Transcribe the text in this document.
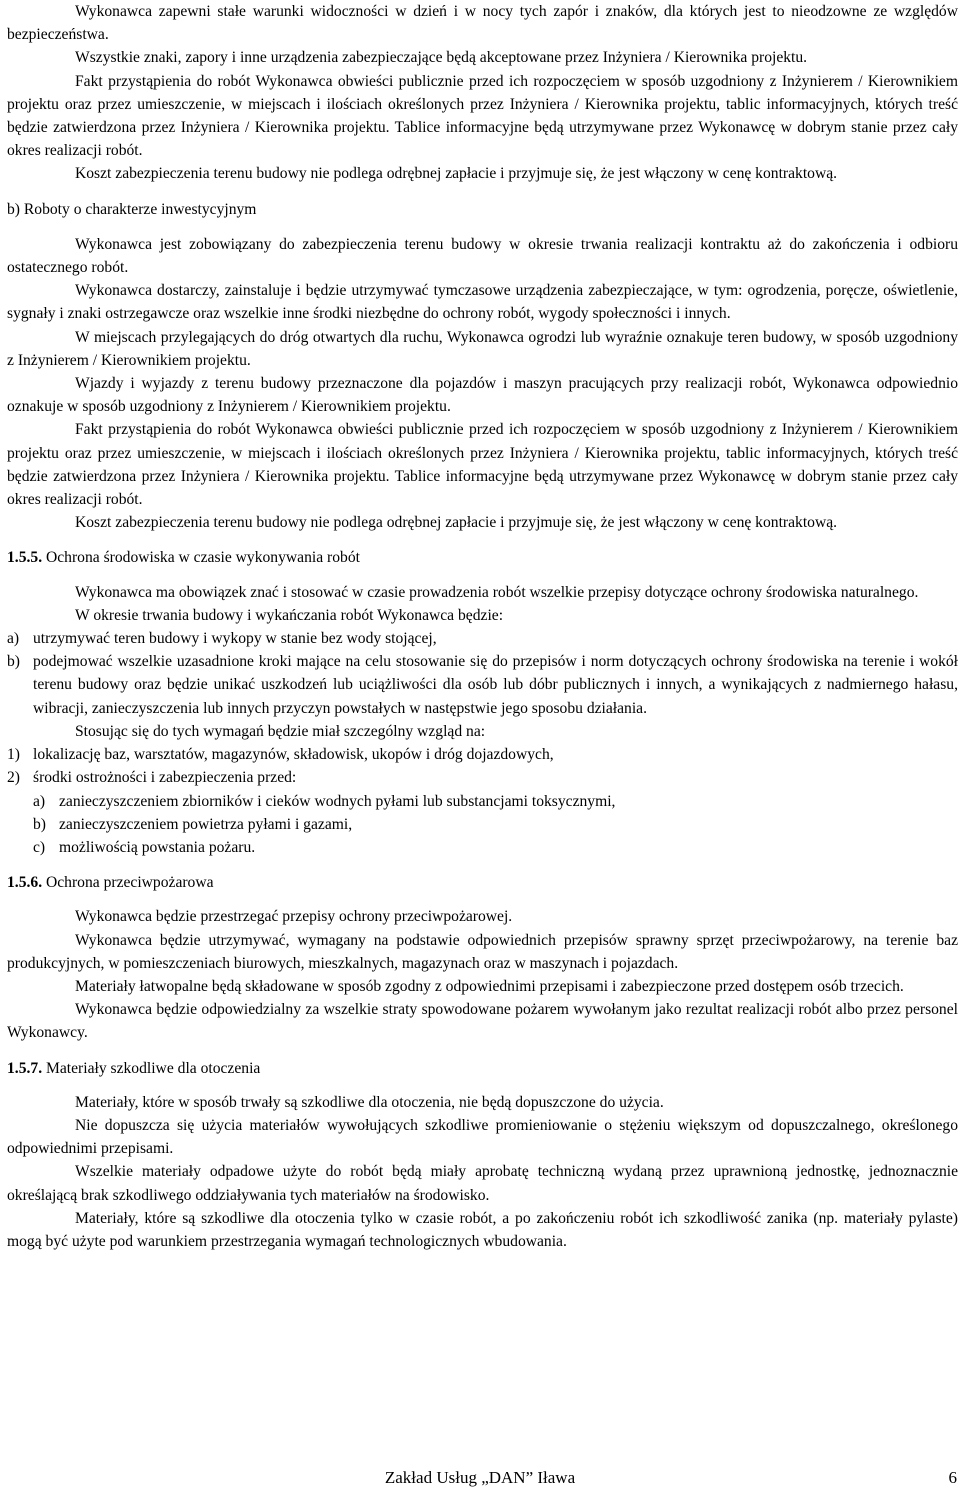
Wykonawca zapewni stałe warunki widoczności w dzień i w nocy tych zapór i znaków, dla których jest to nieodzowne ze względów bezpieczeństwa.

Wszystkie znaki, zapory i inne urządzenia zabezpieczające będą akceptowane przez Inżyniera / Kierownika projektu.

Fakt przystąpienia do robót Wykonawca obwieści publicznie przed ich rozpoczęciem w sposób uzgodniony z Inżynierem / Kierownikiem projektu oraz przez umieszczenie, w miejscach i ilościach określonych przez Inżyniera / Kierownika projektu, tablic informacyjnych, których treść będzie zatwierdzona przez Inżyniera / Kierownika projektu. Tablice informacyjne będą utrzymywane przez Wykonawcę w dobrym stanie przez cały okres realizacji robót.

Koszt zabezpieczenia terenu budowy nie podlega odrębnej zapłacie i przyjmuje się, że jest włączony w cenę kontraktową.

b) Roboty o charakterze inwestycyjnym

Wykonawca jest zobowiązany do zabezpieczenia terenu budowy w okresie trwania realizacji kontraktu aż do zakończenia i odbioru ostatecznego robót.

Wykonawca dostarczy, zainstaluje i będzie utrzymywać tymczasowe urządzenia zabezpieczające, w tym: ogrodzenia, poręcze, oświetlenie, sygnały i znaki ostrzegawcze oraz wszelkie inne środki niezbędne do ochrony robót, wygody społeczności i innych.

W miejscach przylegających do dróg otwartych dla ruchu, Wykonawca ogrodzi lub wyraźnie oznakuje teren budowy, w sposób uzgodniony z Inżynierem / Kierownikiem projektu.

Wjazdy i wyjazdy z terenu budowy przeznaczone dla pojazdów i maszyn pracujących przy realizacji robót, Wykonawca odpowiednio oznakuje w sposób uzgodniony z Inżynierem / Kierownikiem projektu.

Fakt przystąpienia do robót Wykonawca obwieści publicznie przed ich rozpoczęciem w sposób uzgodniony z Inżynierem / Kierownikiem projektu oraz przez umieszczenie, w miejscach i ilościach określonych przez Inżyniera / Kierownika projektu, tablic informacyjnych, których treść będzie zatwierdzona przez Inżyniera / Kierownika projektu. Tablice informacyjne będą utrzymywane przez Wykonawcę w dobrym stanie przez cały okres realizacji robót.

Koszt zabezpieczenia terenu budowy nie podlega odrębnej zapłacie i przyjmuje się, że jest włączony w cenę kontraktową.

1.5.5. Ochrona środowiska w czasie wykonywania robót

Wykonawca ma obowiązek znać i stosować w czasie prowadzenia robót wszelkie przepisy dotyczące ochrony środowiska naturalnego.

W okresie trwania budowy i wykańczania robót Wykonawca będzie:

a) utrzymywać teren budowy i wykopy w stanie bez wody stojącej,
b) podejmować wszelkie uzasadnione kroki mające na celu stosowanie się do przepisów i norm dotyczących ochrony środowiska na terenie i wokół terenu budowy oraz będzie unikać uszkodzeń lub uciążliwości dla osób lub dóbr publicznych i innych, a wynikających z nadmiernego hałasu, wibracji, zanieczyszczenia lub innych przyczyn powstałych w następstwie jego sposobu działania.

Stosując się do tych wymagań będzie miał szczególny wzgląd na:

1) lokalizację baz, warsztatów, magazynów, składowisk, ukopów i dróg dojazdowych,
2) środki ostrożności i zabezpieczenia przed:
a) zanieczyszczeniem zbiorników i cieków wodnych pyłami lub substancjami toksycznymi,
b) zanieczyszczeniem powietrza pyłami i gazami,
c) możliwością powstania pożaru.

1.5.6. Ochrona przeciwpożarowa

Wykonawca będzie przestrzegać przepisy ochrony przeciwpożarowej.

Wykonawca będzie utrzymywać, wymagany na podstawie odpowiednich przepisów sprawny sprzęt przeciwpożarowy, na terenie baz produkcyjnych, w pomieszczeniach biurowych, mieszkalnych, magazynach oraz w maszynach i pojazdach.

Materiały łatwopalne będą składowane w sposób zgodny z odpowiednimi przepisami i zabezpieczone przed dostępem osób trzecich.

Wykonawca będzie odpowiedzialny za wszelkie straty spowodowane pożarem wywołanym jako rezultat realizacji robót albo przez personel Wykonawcy.

1.5.7. Materiały szkodliwe dla otoczenia

Materiały, które w sposób trwały są szkodliwe dla otoczenia, nie będą dopuszczone do użycia.

Nie dopuszcza się użycia materiałów wywołujących szkodliwe promieniowanie o stężeniu większym od dopuszczalnego, określonego odpowiednimi przepisami.

Wszelkie materiały odpadowe użyte do robót będą miały aprobatę techniczną wydaną przez uprawnioną jednostkę, jednoznacznie określającą brak szkodliwego oddziaływania tych materiałów na środowisko.

Materiały, które są szkodliwe dla otoczenia tylko w czasie robót, a po zakończeniu robót ich szkodliwość zanika (np. materiały pylaste) mogą być użyte pod warunkiem przestrzegania wymagań technologicznych wbudowania.

Zakład Usług „DAN” Iława	6
